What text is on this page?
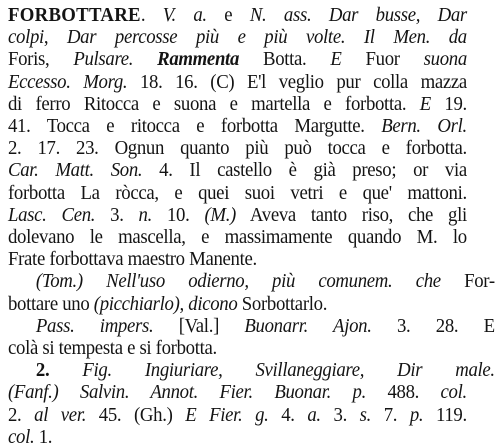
FORBOTTARE. V. a. e N. ass. Dar busse, Dar
colpi, Dar percosse più e più volte. Il Men. da
Foris, Pulsare. Rammenta Botta. E Fuor suona
Eccesso. Morg. 18. 16. (C) E'l veglio pur colla mazza
di ferro Ritocca e suona e martella e forbotta. E 19.
41. Tocca e ritocca e forbotta Margutte. Bern. Orl.
2. 17. 23. Ognun quanto più può tocca e forbotta.
Car. Matt. Son. 4. Il castello è già preso; or via
forbotta La ròcca, e quei suoi vetri e que' mattoni.
Lasc. Cen. 3. n. 10. (M.) Aveva tanto riso, che gli
dolevano le mascella, e massimamente quando M. lo
Frate forbottava maestro Manente.
(Tom.) Nell'uso odierno, più comunem. che For-
bottare uno (picchiarlo), dicono Sorbottarlo.
Pass. impers. [Val.] Buonarr. Ajon. 3. 28. E
colà si tempesta e si forbotta.
2. Fig. Ingiuriare, Svillaneggiare, Dir male.
(Fanf.) Salvin. Annot. Fier. Buonar. p. 488. col.
2. al ver. 45. (Gh.) E Fier. g. 4. a. 3. s. 7. p. 119.
col. 1.
